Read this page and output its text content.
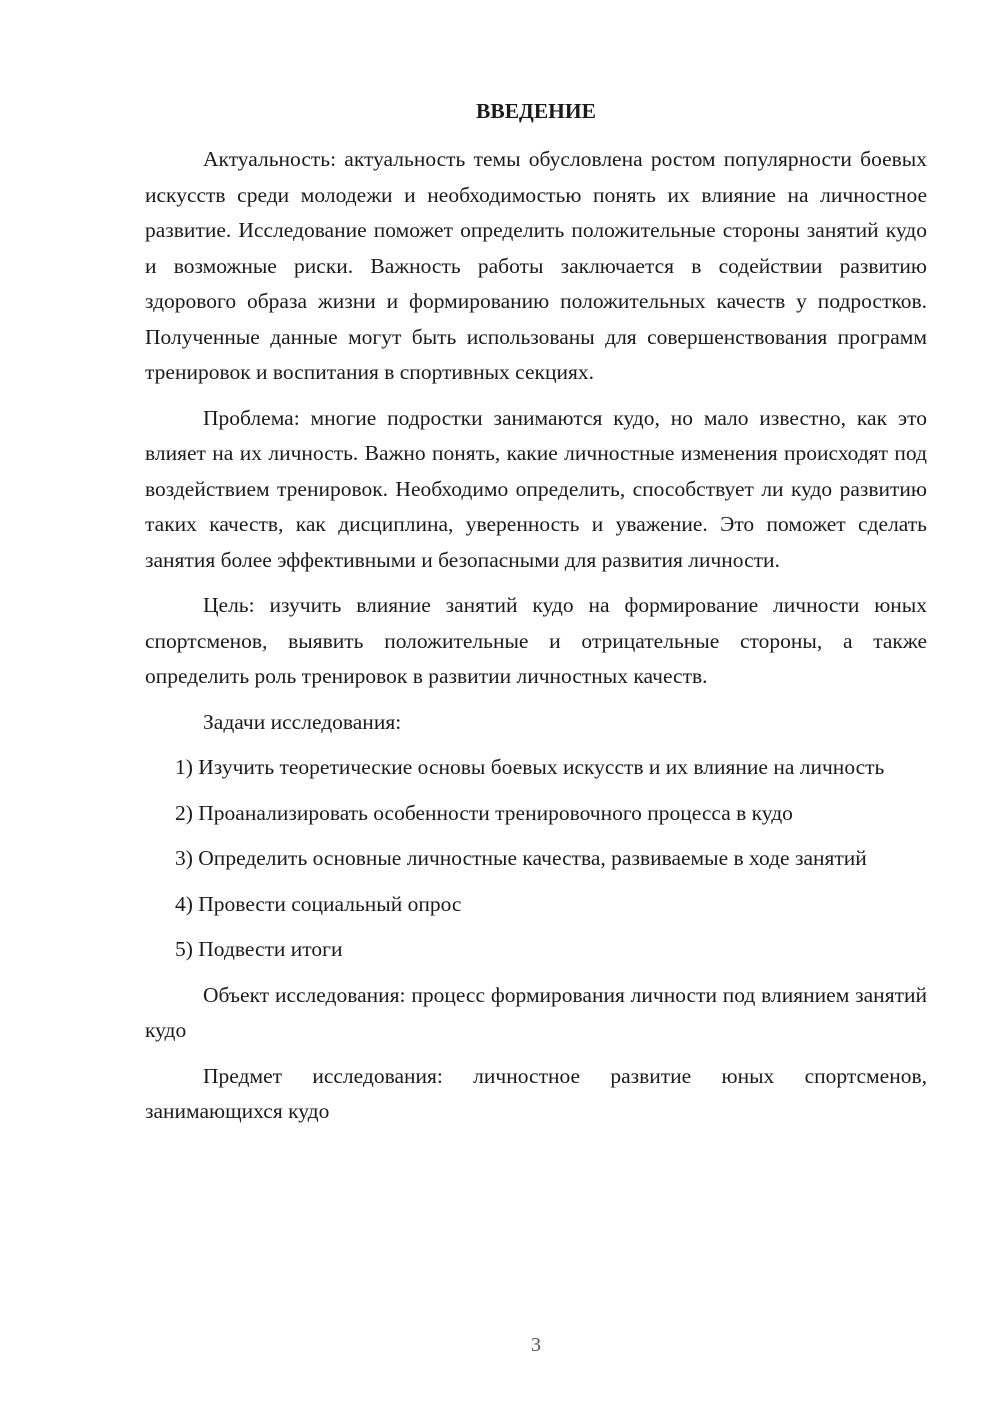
ВВЕДЕНИЕ

Актуальность: актуальность темы обусловлена ростом популярности боевых искусств среди молодежи и необходимостью понять их влияние на личностное развитие. Исследование поможет определить положительные стороны занятий кудо и возможные риски. Важность работы заключается в содействии развитию здорового образа жизни и формированию положительных качеств у подростков. Полученные данные могут быть использованы для совершенствования программ тренировок и воспитания в спортивных секциях.

Проблема: многие подростки занимаются кудо, но мало известно, как это влияет на их личность. Важно понять, какие личностные изменения происходят под воздействием тренировок. Необходимо определить, способствует ли кудо развитию таких качеств, как дисциплина, уверенность и уважение. Это поможет сделать занятия более эффективными и безопасными для развития личности.

Цель: изучить влияние занятий кудо на формирование личности юных спортсменов, выявить положительные и отрицательные стороны, а также определить роль тренировок в развитии личностных качеств.

Задачи исследования:

1) Изучить теоретические основы боевых искусств и их влияние на личность

2) Проанализировать особенности тренировочного процесса в кудо

3) Определить основные личностные качества, развиваемые в ходе занятий

4) Провести социальный опрос

5) Подвести итоги

Объект исследования: процесс формирования личности под влиянием занятий кудо

Предмет исследования: личностное развитие юных спортсменов, занимающихся кудо

3
